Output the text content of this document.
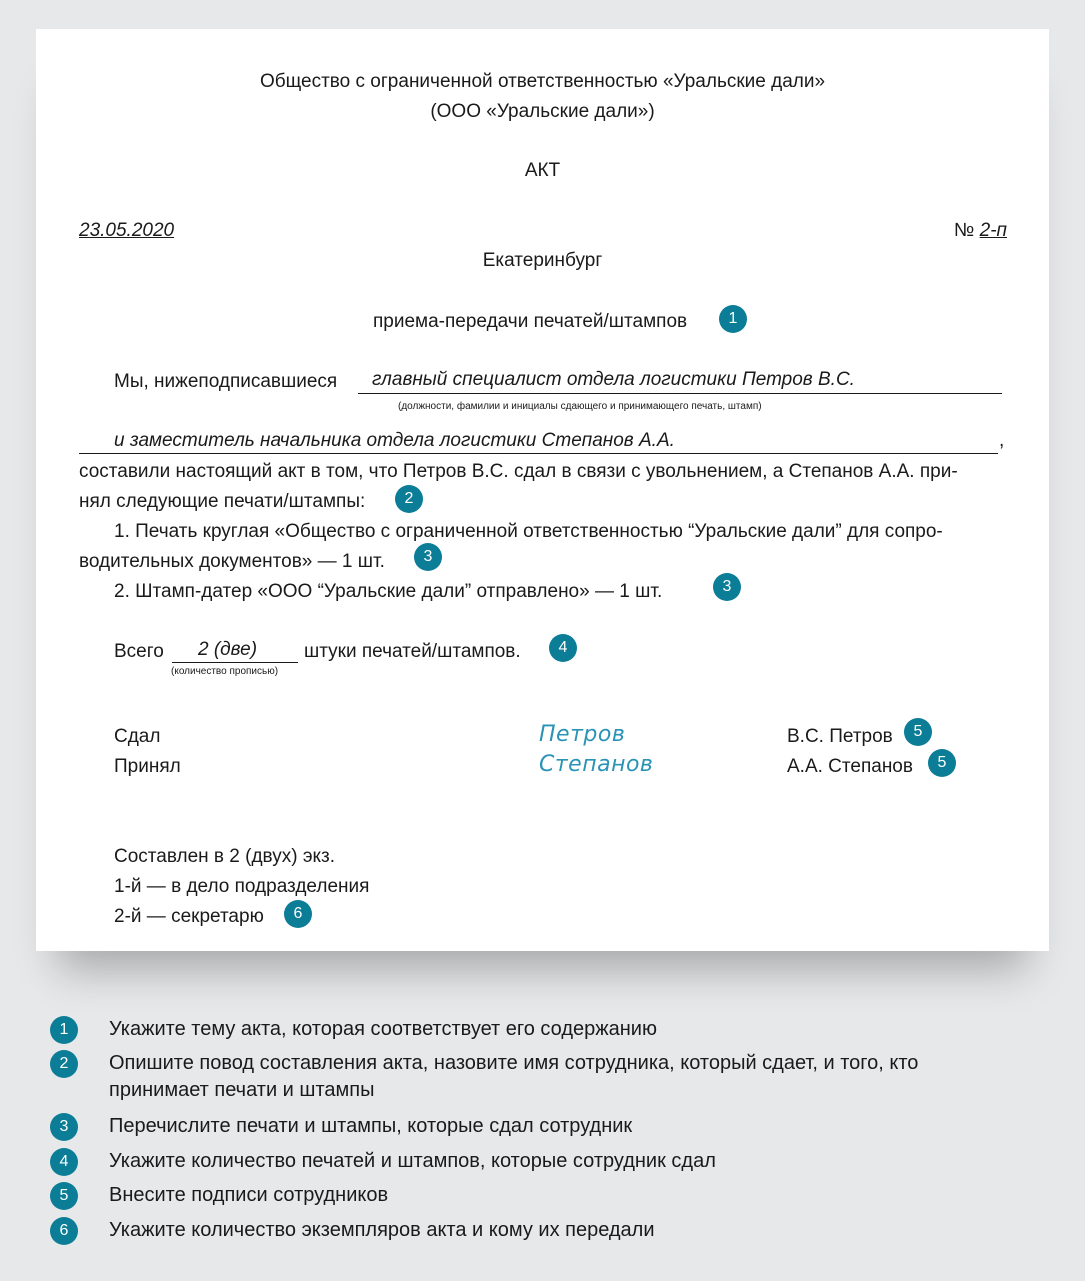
Общество с ограниченной ответственностью «Уральские дали»
(ООО «Уральские дали»)
АКТ
23.05.2020	№ 2-п
Екатеринбург
приема-передачи печатей/штампов	1
Мы, нижеподписавшиеся главный специалист отдела логистики Петров В.С.
(должности, фамилии и инициалы сдающего и принимающего печать, штамп)
и заместитель начальника отдела логистики Степанов А.А.	,
составили настоящий акт в том, что Петров В.С. сдал в связи с увольнением, а Степанов А.А. при-
нял следующие печати/штампы:	2
1. Печать круглая «Общество с ограниченной ответственностью “Уральские дали” для сопро-
водительных документов» — 1 шт.	3
2. Штамп-датер «ООО “Уральские дали” отправлено» — 1 шт.	3
Всего 2 (две) штуки печатей/штампов.
(количество прописью)
4
Сдал	Петров	В.С. Петров	5
Принял	Степанов	А.А. Степанов	5
Составлен в 2 (двух) экз.
1-й — в дело подразделения
2-й — секретарю	6
1	Укажите тему акта, которая соответствует его содержанию
2	Опишите повод составления акта, назовите имя сотрудника, который сдает, и того, кто
принимает печати и штампы
3	Перечислите печати и штампы, которые сдал сотрудник
4	Укажите количество печатей и штампов, которые сотрудник сдал
5	Внесите подписи сотрудников
6	Укажите количество экземпляров акта и кому их передали
